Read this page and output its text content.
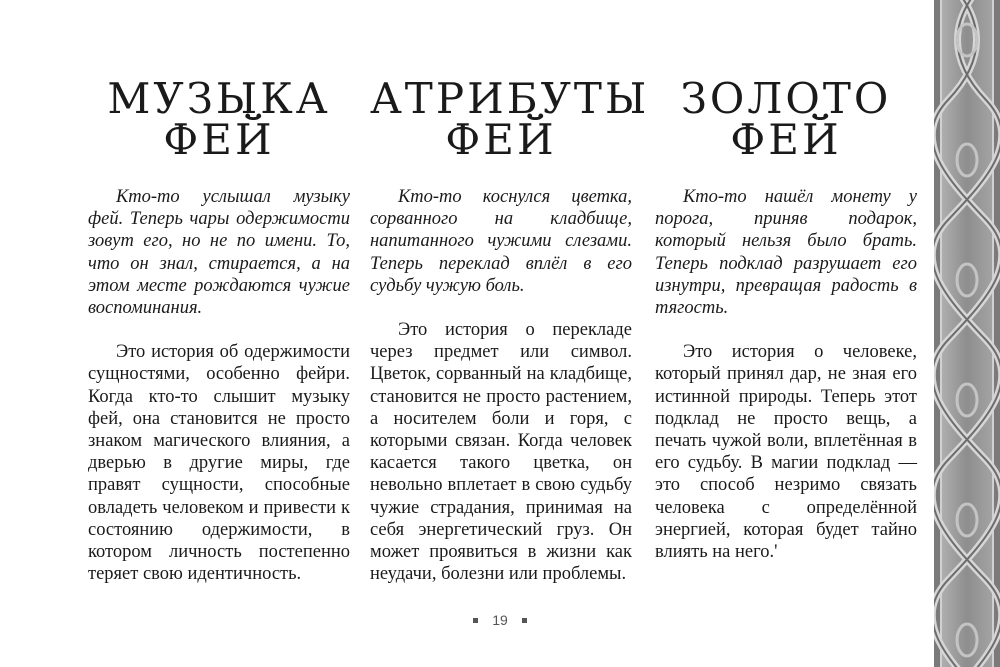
МУЗЫКА
ФЕЙ

Кто-то услышал музыку фей. Теперь чары одержимости зовут его, но не по имени. То, что он знал, стирается, а на этом месте рождаются чужие воспоминания.

Это история об одержимости сущностями, особенно фейри. Когда кто-то слышит музыку фей, она становится не просто знаком магического влияния, а дверью в другие миры, где правят сущности, способные овладеть человеком и привести к состоянию одержимости, в котором личность постепенно теряет свою идентичность.

АТРИБУТЫ
ФЕЙ

Кто-то коснулся цветка, сорванного на кладбище, напитанного чужими слезами. Теперь переклад вплёл в его судьбу чужую боль.

Это история о перекладе через предмет или символ. Цветок, сорванный на кладбище, становится не просто растением, а носителем боли и горя, с которыми связан. Когда человек касается такого цветка, он невольно вплетает в свою судьбу чужие страдания, принимая на себя энергетический груз. Он может проявиться в жизни как неудачи, болезни или проблемы.

ЗОЛОТО
ФЕЙ

Кто-то нашёл монету у порога, приняв подарок, который нельзя было брать. Теперь подклад разрушает его изнутри, превращая радость в тягость.

Это история о человеке, который принял дар, не зная его истинной природы. Теперь этот подклад не просто вещь, а печать чужой воли, вплетённая в его судьбу. В магии подклад — это способ незримо связать человека с определённой энергией, которая будет тайно влиять на него.'

19
